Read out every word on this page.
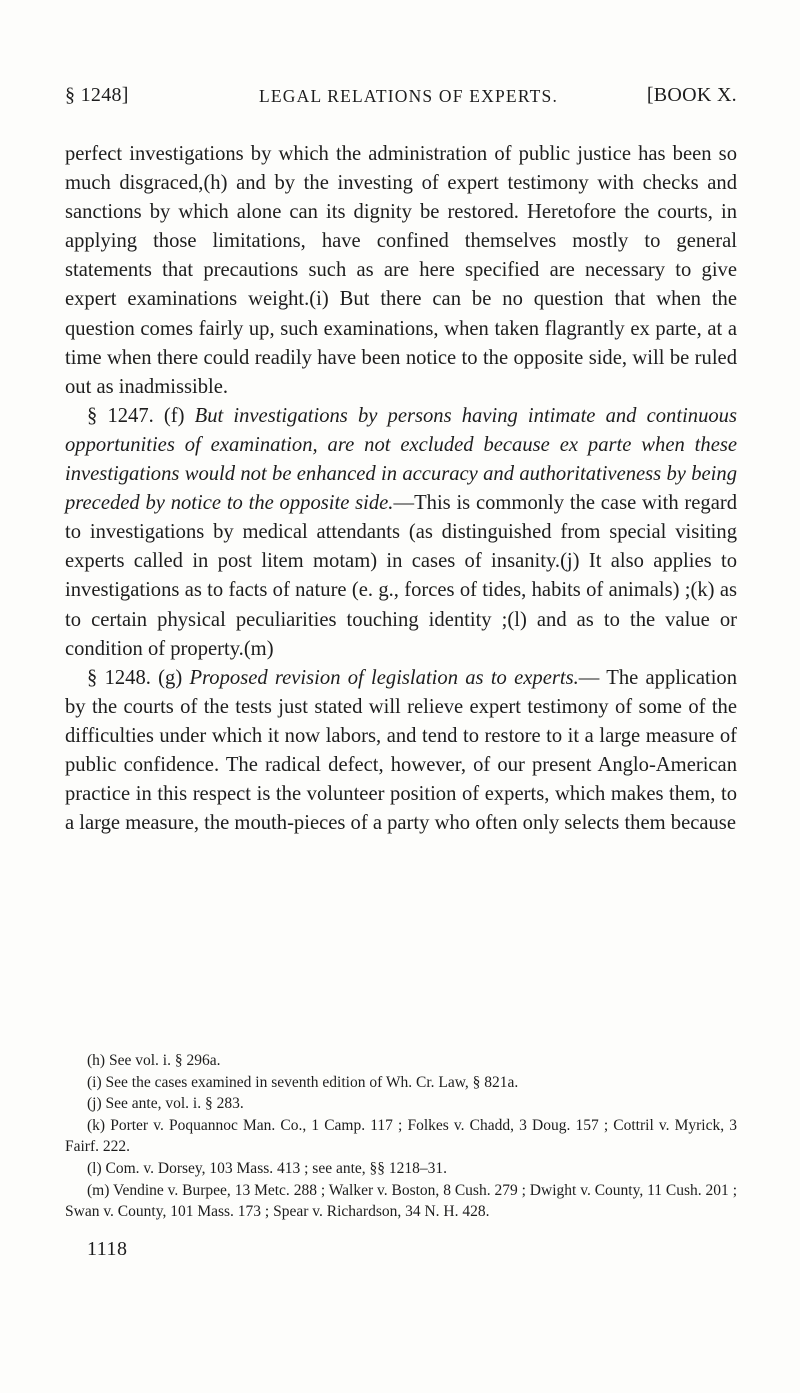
§ 1248]	LEGAL RELATIONS OF EXPERTS.	[BOOK X.

perfect investigations by which the administration of public justice has been so much disgraced,(h) and by the investing of expert testimony with checks and sanctions by which alone can its dignity be restored. Heretofore the courts, in applying those limitations, have confined themselves mostly to general statements that precautions such as are here specified are necessary to give expert examinations weight.(i) But there can be no question that when the question comes fairly up, such examinations, when taken flagrantly ex parte, at a time when there could readily have been notice to the opposite side, will be ruled out as inadmissible.

§ 1247. (f) But investigations by persons having intimate and continuous opportunities of examination, are not excluded because ex parte when these investigations would not be enhanced in accuracy and authoritativeness by being preceded by notice to the opposite side.—This is commonly the case with regard to investigations by medical attendants (as distinguished from special visiting experts called in post litem motam) in cases of insanity.(j) It also applies to investigations as to facts of nature (e. g., forces of tides, habits of animals) ;(k) as to certain physical peculiarities touching identity ;(l) and as to the value or condition of property.(m)

§ 1248. (g) Proposed revision of legislation as to experts.— The application by the courts of the tests just stated will relieve expert testimony of some of the difficulties under which it now labors, and tend to restore to it a large measure of public confidence. The radical defect, however, of our present Anglo-American practice in this respect is the volunteer position of experts, which makes them, to a large measure, the mouth-pieces of a party who often only selects them because

(h) See vol. i. § 296a.

(i) See the cases examined in seventh edition of Wh. Cr. Law, § 821a.

(j) See ante, vol. i. § 283.

(k) Porter v. Poquannoc Man. Co., 1 Camp. 117 ; Folkes v. Chadd, 3 Doug. 157 ; Cottril v. Myrick, 3 Fairf. 222.

(l) Com. v. Dorsey, 103 Mass. 413 ; see ante, §§ 1218–31.

(m) Vendine v. Burpee, 13 Metc. 288 ; Walker v. Boston, 8 Cush. 279 ; Dwight v. County, 11 Cush. 201 ; Swan v. County, 101 Mass. 173 ; Spear v. Richardson, 34 N. H. 428.

1118
